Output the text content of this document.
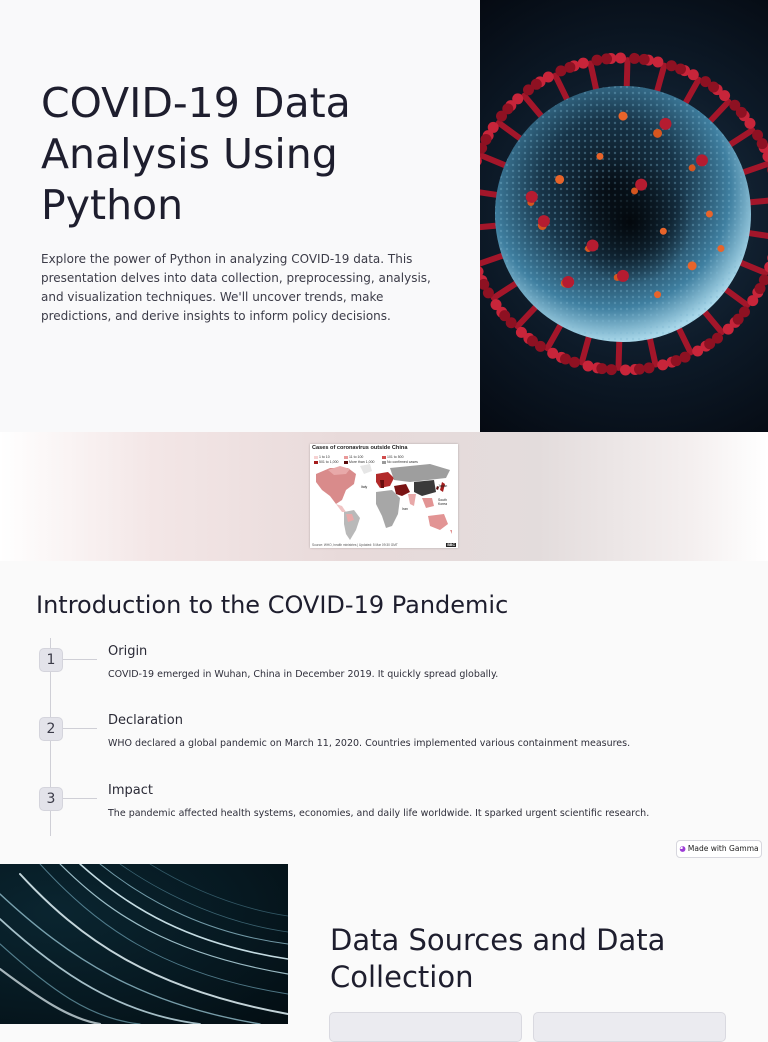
COVID-19 Data Analysis Using Python

Explore the power of Python in analyzing COVID-19 data. This presentation delves into data collection, preprocessing, analysis, and visualization techniques. We'll uncover trends, make predictions, and derive insights to inform policy decisions.

Cases of coronavirus outside China
1 to 10	11 to 100	101 to 500
501 to 1,000	More than 1,000	No confirmed cases
Italy
Iran
Japan
South Korea
Source: WHO, health ministries | Updated: 5 Mar 09:30 GMT	BBC
Introduction to the COVID-19 Pandemic
1
Origin
COVID-19 emerged in Wuhan, China in December 2019. It quickly spread globally.
2
Declaration
WHO declared a global pandemic on March 11, 2020. Countries implemented various containment measures.
3
Impact
The pandemic affected health systems, economies, and daily life worldwide. It sparked urgent scientific research.
◕ Made with Gamma
Data Sources and Data Collection
